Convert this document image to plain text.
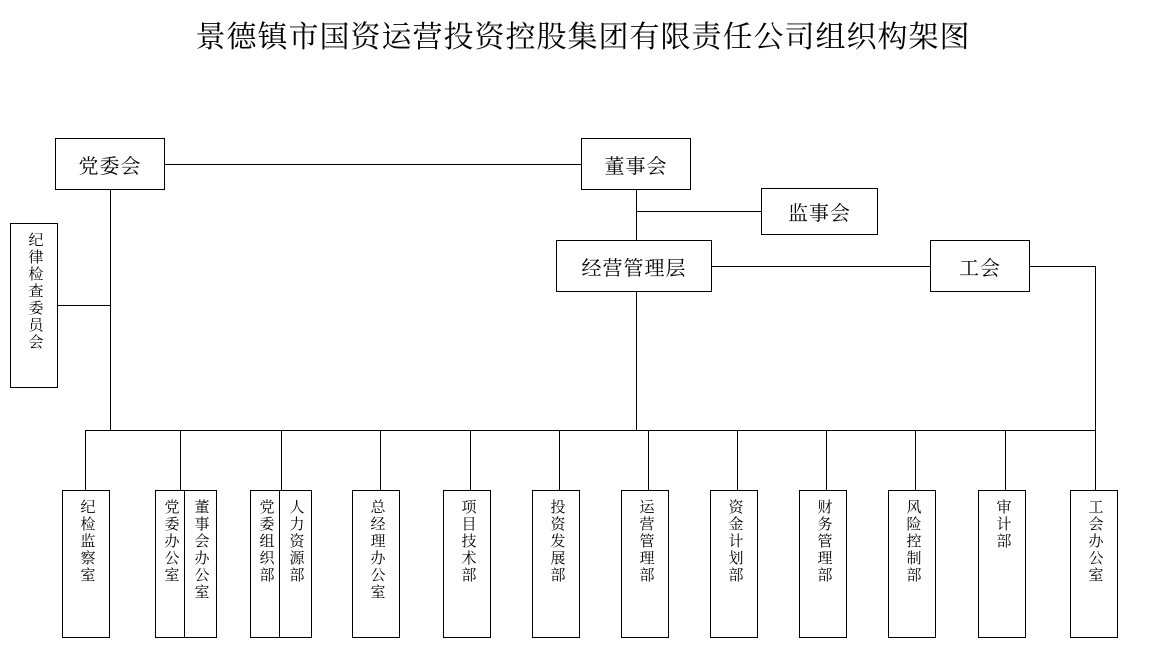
景德镇市国资运营投资控股集团有限责任公司组织构架图
党委会	董事会
监事会
经营管理层	工会
纪律检查委员会
纪检监察室	总经理办公室	项目技术部	投资发展部	运营管理部	资金计划部	财务管理部	风险控制部	审计部	工会办公室
董事会办公室
党委办公室	人力资源部
党委组织部
